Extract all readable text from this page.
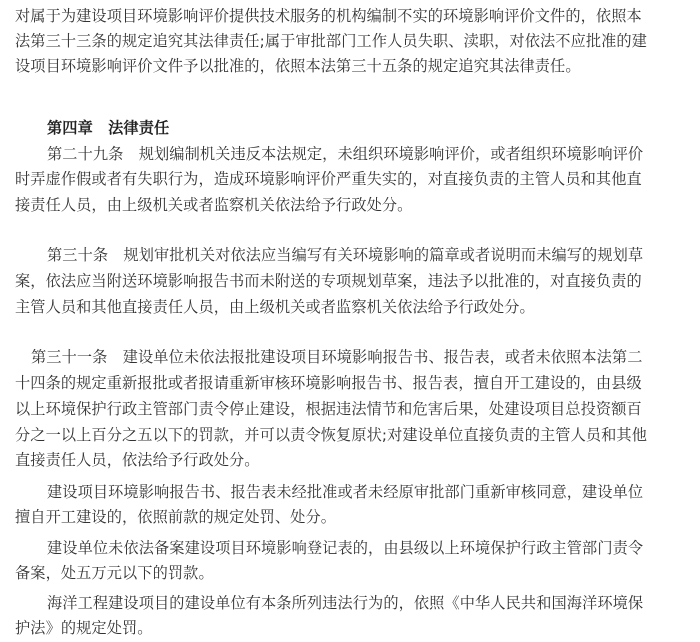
对属于为建设项目环境影响评价提供技术服务的机构编制不实的环境影响评价文件的，依照本
法第三十三条的规定追究其法律责任;属于审批部门工作人员失职、渎职，对依法不应批准的建
设项目环境影响评价文件予以批准的，依照本法第三十五条的规定追究其法律责任。
第四章　法律责任
第二十九条　规划编制机关违反本法规定，未组织环境影响评价，或者组织环境影响评价
时弄虚作假或者有失职行为，造成环境影响评价严重失实的，对直接负责的主管人员和其他直
接责任人员，由上级机关或者监察机关依法给予行政处分。
第三十条　规划审批机关对依法应当编写有关环境影响的篇章或者说明而未编写的规划草
案，依法应当附送环境影响报告书而未附送的专项规划草案，违法予以批准的，对直接负责的
主管人员和其他直接责任人员，由上级机关或者监察机关依法给予行政处分。
第三十一条　建设单位未依法报批建设项目环境影响报告书、报告表，或者未依照本法第二
十四条的规定重新报批或者报请重新审核环境影响报告书、报告表，擅自开工建设的，由县级
以上环境保护行政主管部门责令停止建设，根据违法情节和危害后果，处建设项目总投资额百
分之一以上百分之五以下的罚款，并可以责令恢复原状;对建设单位直接负责的主管人员和其他
直接责任人员，依法给予行政处分。
建设项目环境影响报告书、报告表未经批准或者未经原审批部门重新审核同意，建设单位
擅自开工建设的，依照前款的规定处罚、处分。
建设单位未依法备案建设项目环境影响登记表的，由县级以上环境保护行政主管部门责令
备案，处五万元以下的罚款。
海洋工程建设项目的建设单位有本条所列违法行为的，依照《中华人民共和国海洋环境保
护法》的规定处罚。
